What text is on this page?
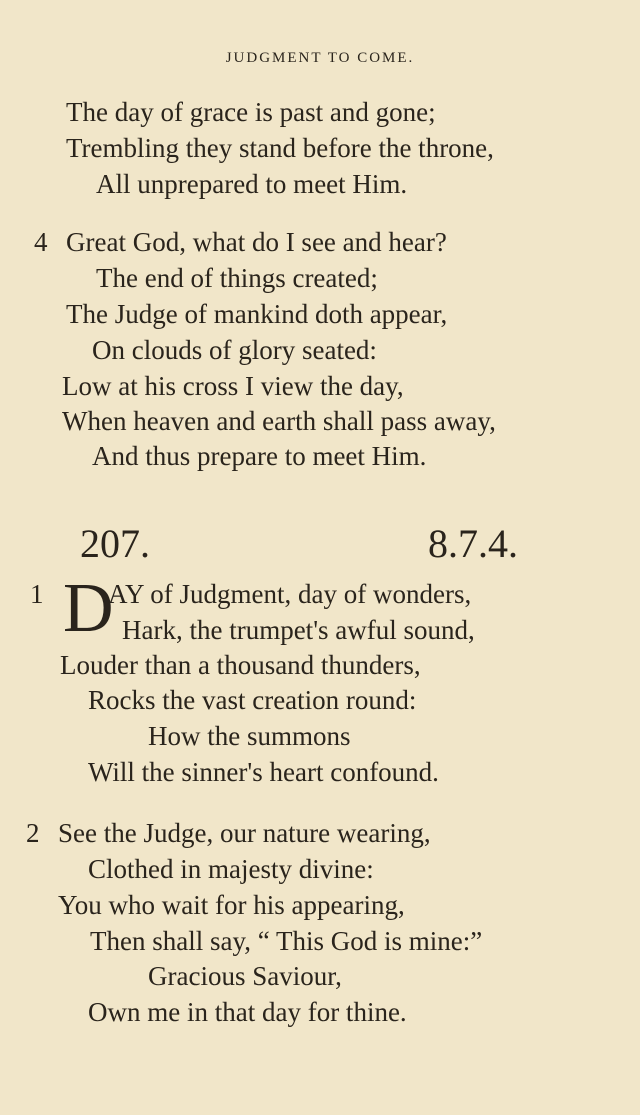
JUDGMENT TO COME.
The day of grace is past and gone;
Trembling they stand before the throne,
All unprepared to meet Him.
4 Great God, what do I see and hear?
The end of things created;
The Judge of mankind doth appear,
On clouds of glory seated:
Low at his cross I view the day,
When heaven and earth shall pass away,
And thus prepare to meet Him.
207.	8.7.4.
1 D
AY of Judgment, day of wonders,
Hark, the trumpet's awful sound,
Louder than a thousand thunders,
Rocks the vast creation round:
How the summons
Will the sinner's heart confound.
2 See the Judge, our nature wearing,
Clothed in majesty divine:
You who wait for his appearing,
Then shall say, “ This God is mine:”
Gracious Saviour,
Own me in that day for thine.
